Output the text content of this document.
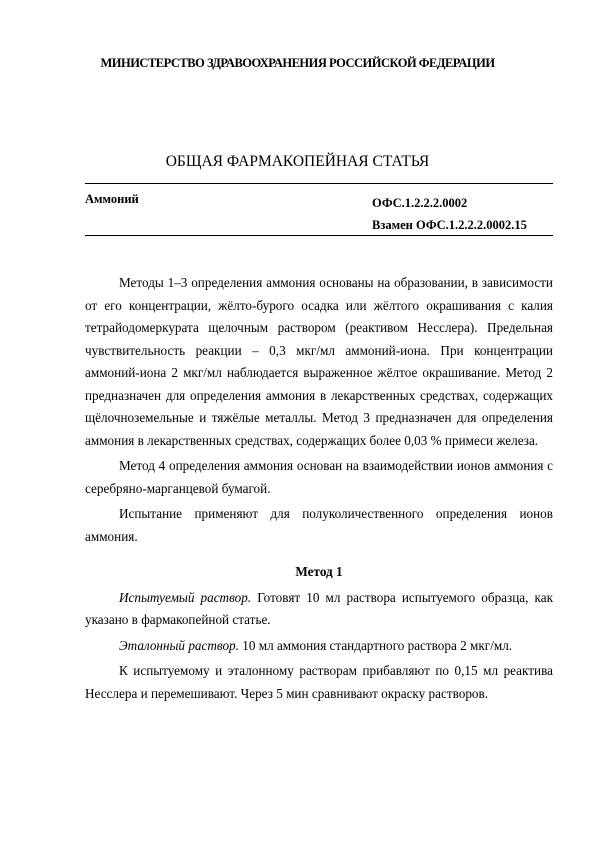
МИНИСТЕРСТВО ЗДРАВООХРАНЕНИЯ РОССИЙСКОЙ ФЕДЕРАЦИИ
ОБЩАЯ ФАРМАКОПЕЙНАЯ СТАТЬЯ
Аммоний	ОФС.1.2.2.2.0002
Взамен ОФС.1.2.2.2.0002.15

Методы 1–3 определения аммония основаны на образовании, в зависимости от его концентрации, жёлто-бурого осадка или жёлтого окрашивания с калия тетрайодомеркурата щелочным раствором (реактивом Несслера). Предельная чувствительность реакции – 0,3 мкг/мл аммоний-иона. При концентрации аммоний-иона 2 мкг/мл наблюдается выраженное жёлтое окрашивание. Метод 2 предназначен для определения аммония в лекарственных средствах, содержащих щёлочноземельные и тяжёлые металлы. Метод 3 предназначен для определения аммония в лекарственных средствах, содержащих более 0,03 % примеси железа.

Метод 4 определения аммония основан на взаимодействии ионов аммония с серебряно-марганцевой бумагой.

Испытание применяют для полуколичественного определения ионов аммония.

Метод 1

Испытуемый раствор. Готовят 10 мл раствора испытуемого образца, как указано в фармакопейной статье.

Эталонный раствор. 10 мл аммония стандартного раствора 2 мкг/мл.

К испытуемому и эталонному растворам прибавляют по 0,15 мл реактива Несслера и перемешивают. Через 5 мин сравнивают окраску растворов.
